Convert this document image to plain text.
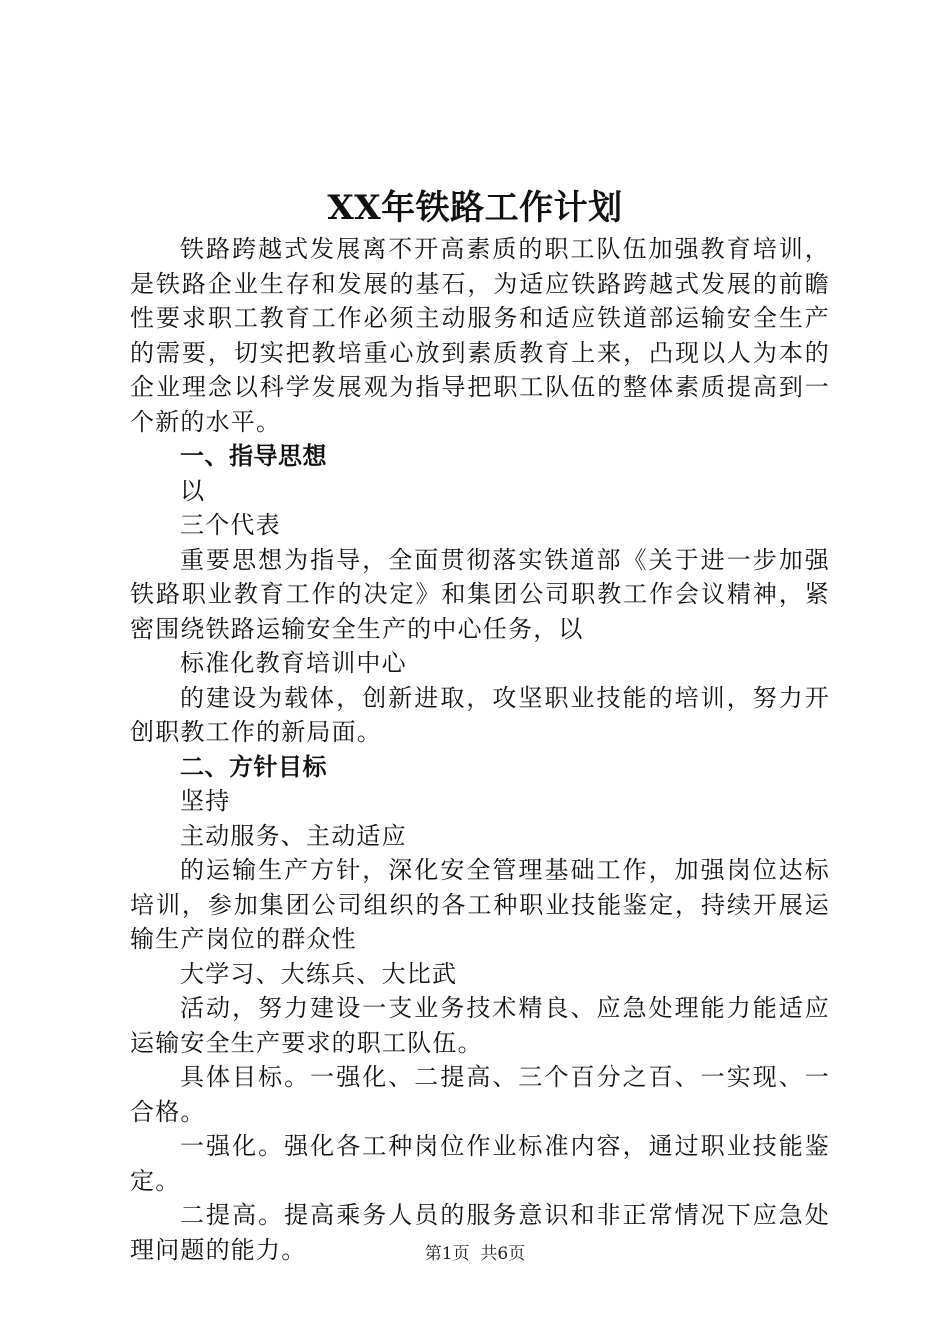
XX年铁路工作计划

铁路跨越式发展离不开高素质的职工队伍加强教育培训，是铁路企业生存和发展的基石，为适应铁路跨越式发展的前瞻性要求职工教育工作必须主动服务和适应铁道部运输安全生产的需要，切实把教培重心放到素质教育上来，凸现以人为本的企业理念以科学发展观为指导把职工队伍的整体素质提高到一个新的水平。

一、指导思想

以

三个代表

重要思想为指导，全面贯彻落实铁道部《关于进一步加强铁路职业教育工作的决定》和集团公司职教工作会议精神，紧密围绕铁路运输安全生产的中心任务，以

标准化教育培训中心

的建设为载体，创新进取，攻坚职业技能的培训，努力开创职教工作的新局面。

二、方针目标

坚持

主动服务、主动适应

的运输生产方针，深化安全管理基础工作，加强岗位达标培训，参加集团公司组织的各工种职业技能鉴定，持续开展运输生产岗位的群众性

大学习、大练兵、大比武

活动，努力建设一支业务技术精良、应急处理能力能适应运输安全生产要求的职工队伍。

具体目标。一强化、二提高、三个百分之百、一实现、一合格。

一强化。强化各工种岗位作业标准内容，通过职业技能鉴定。

二提高。提高乘务人员的服务意识和非正常情况下应急处理问题的能力。	第1页 共6页
